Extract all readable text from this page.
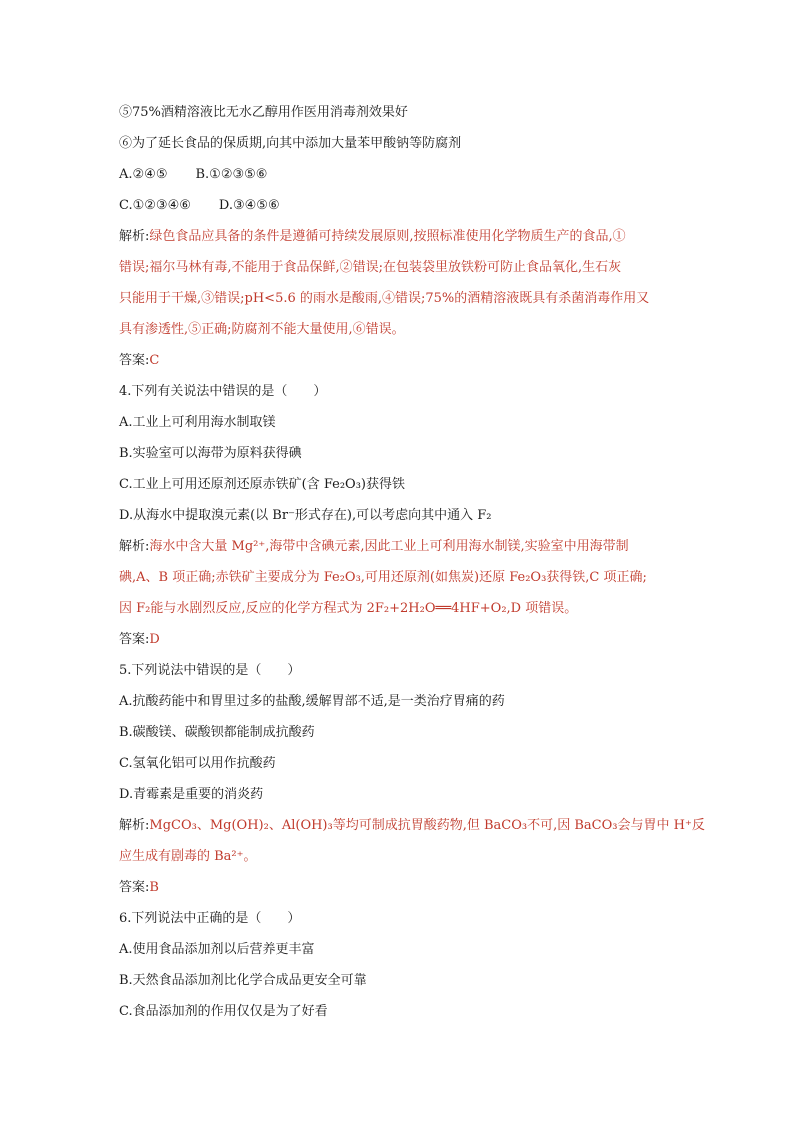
⑤75%酒精溶液比无水乙醇用作医用消毒剂效果好
⑥为了延长食品的保质期,向其中添加大量苯甲酸钠等防腐剂
A.②④⑤ B.①②③⑤⑥
C.①②③④⑥ D.③④⑤⑥
解析:绿色食品应具备的条件是遵循可持续发展原则,按照标准使用化学物质生产的食品,①
错误;福尔马林有毒,不能用于食品保鲜,②错误;在包装袋里放铁粉可防止食品氧化,生石灰
只能用于干燥,③错误;pH<5.6 的雨水是酸雨,④错误;75%的酒精溶液既具有杀菌消毒作用又
具有渗透性,⑤正确;防腐剂不能大量使用,⑥错误。
答案:C
4.下列有关说法中错误的是（　　）
A.工业上可利用海水制取镁
B.实验室可以海带为原料获得碘
C.工业上可用还原剂还原赤铁矿(含 Fe₂O₃)获得铁
D.从海水中提取溴元素(以 Br⁻形式存在),可以考虑向其中通入 F₂
解析:海水中含大量 Mg²⁺,海带中含碘元素,因此工业上可利用海水制镁,实验室中用海带制
碘,A、B 项正确;赤铁矿主要成分为 Fe₂O₃,可用还原剂(如焦炭)还原 Fe₂O₃获得铁,C 项正确;
因 F₂能与水剧烈反应,反应的化学方程式为 2F₂+2H₂O══4HF+O₂,D 项错误。
答案:D
5.下列说法中错误的是（　　）
A.抗酸药能中和胃里过多的盐酸,缓解胃部不适,是一类治疗胃痛的药
B.碳酸镁、碳酸钡都能制成抗酸药
C.氢氧化铝可以用作抗酸药
D.青霉素是重要的消炎药
解析:MgCO₃、Mg(OH)₂、Al(OH)₃等均可制成抗胃酸药物,但 BaCO₃不可,因 BaCO₃会与胃中 H⁺反
应生成有剧毒的 Ba²⁺。
答案:B
6.下列说法中正确的是（　　）
A.使用食品添加剂以后营养更丰富
B.天然食品添加剂比化学合成品更安全可靠
C.食品添加剂的作用仅仅是为了好看
